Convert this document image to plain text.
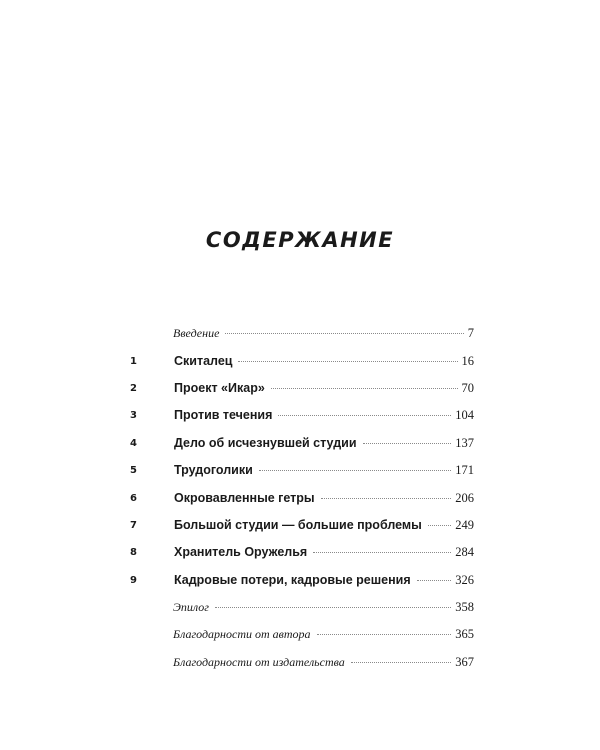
СОДЕРЖАНИЕ
Введение	7
1	Скиталец	16
2	Проект «Икар»	70
3	Против течения	104
4	Дело об исчезнувшей студии	137
5	Трудоголики	171
6	Окровавленные гетры	206
7	Большой студии — большие проблемы	249
8	Хранитель Оружелья	284
9	Кадровые потери, кадровые решения	326
Эпилог	358
Благодарности от автора	365
Благодарности от издательства	367
